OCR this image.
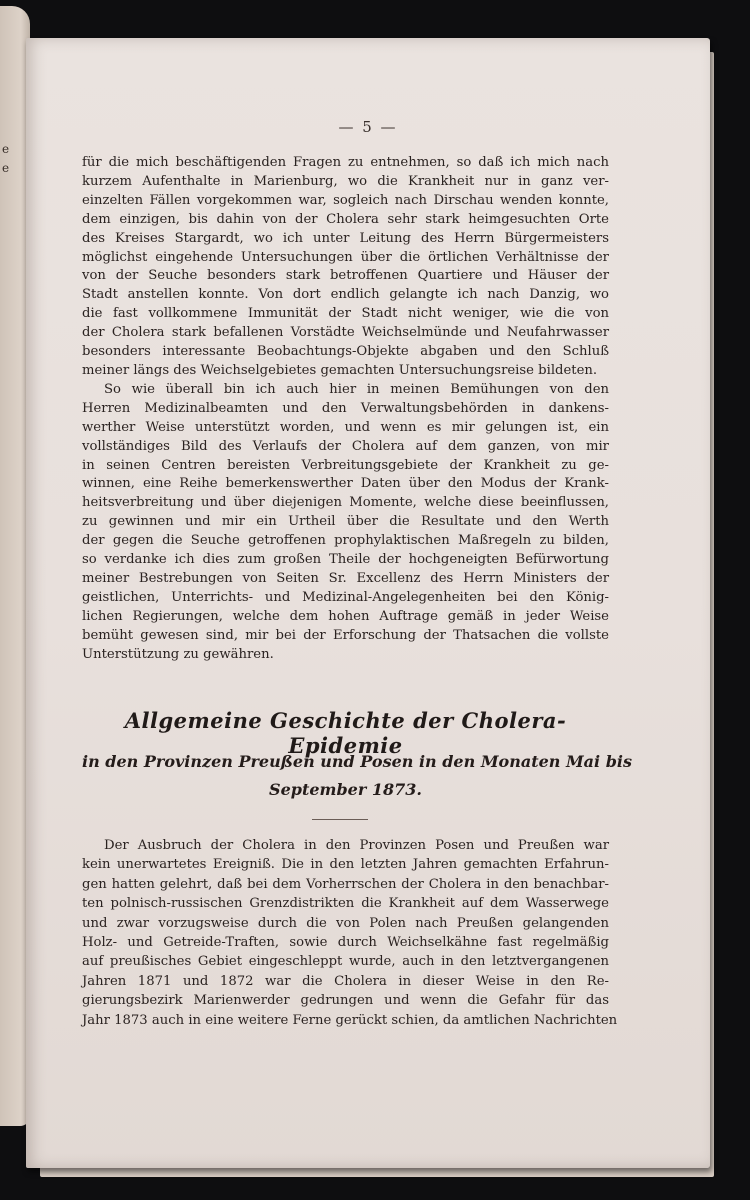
e
e
— 5 —
für die mich beschäftigenden Fragen zu entnehmen, so daß ich mich nach
kurzem Aufenthalte in Marienburg, wo die Krankheit nur in ganz ver-
einzelten Fällen vorgekommen war, sogleich nach Dirschau wenden konnte,
dem einzigen, bis dahin von der Cholera sehr stark heimgesuchten Orte
des Kreises Stargardt, wo ich unter Leitung des Herrn Bürgermeisters
möglichst eingehende Untersuchungen über die örtlichen Verhältnisse der
von der Seuche besonders stark betroffenen Quartiere und Häuser der
Stadt anstellen konnte. Von dort endlich gelangte ich nach Danzig, wo
die fast vollkommene Immunität der Stadt nicht weniger, wie die von
der Cholera stark befallenen Vorstädte Weichselmünde und Neufahrwasser
besonders interessante Beobachtungs-Objekte abgaben und den Schluß
meiner längs des Weichselgebietes gemachten Untersuchungsreise bildeten.
So wie überall bin ich auch hier in meinen Bemühungen von den
Herren Medizinalbeamten und den Verwaltungsbehörden in dankens-
werther Weise unterstützt worden, und wenn es mir gelungen ist, ein
vollständiges Bild des Verlaufs der Cholera auf dem ganzen, von mir
in seinen Centren bereisten Verbreitungsgebiete der Krankheit zu ge-
winnen, eine Reihe bemerkenswerther Daten über den Modus der Krank-
heitsverbreitung und über diejenigen Momente, welche diese beeinflussen,
zu gewinnen und mir ein Urtheil über die Resultate und den Werth
der gegen die Seuche getroffenen prophylaktischen Maßregeln zu bilden,
so verdanke ich dies zum großen Theile der hochgeneigten Befürwortung
meiner Bestrebungen von Seiten Sr. Excellenz des Herrn Ministers der
geistlichen, Unterrichts- und Medizinal-Angelegenheiten bei den König-
lichen Regierungen, welche dem hohen Auftrage gemäß in jeder Weise
bemüht gewesen sind, mir bei der Erforschung der Thatsachen die vollste
Unterstützung zu gewähren.
Allgemeine Geschichte der Cholera-Epidemie
in den Provinzen Preußen und Posen in den Monaten Mai bis
September 1873.
Der Ausbruch der Cholera in den Provinzen Posen und Preußen war
kein unerwartetes Ereigniß. Die in den letzten Jahren gemachten Erfahrun-
gen hatten gelehrt, daß bei dem Vorherrschen der Cholera in den benachbar-
ten polnisch-russischen Grenzdistrikten die Krankheit auf dem Wasserwege
und zwar vorzugsweise durch die von Polen nach Preußen gelangenden
Holz- und Getreide-Traften, sowie durch Weichselkähne fast regelmäßig
auf preußisches Gebiet eingeschleppt wurde, auch in den letztvergangenen
Jahren 1871 und 1872 war die Cholera in dieser Weise in den Re-
gierungsbezirk Marienwerder gedrungen und wenn die Gefahr für das
Jahr 1873 auch in eine weitere Ferne gerückt schien, da amtlichen Nachrichten
